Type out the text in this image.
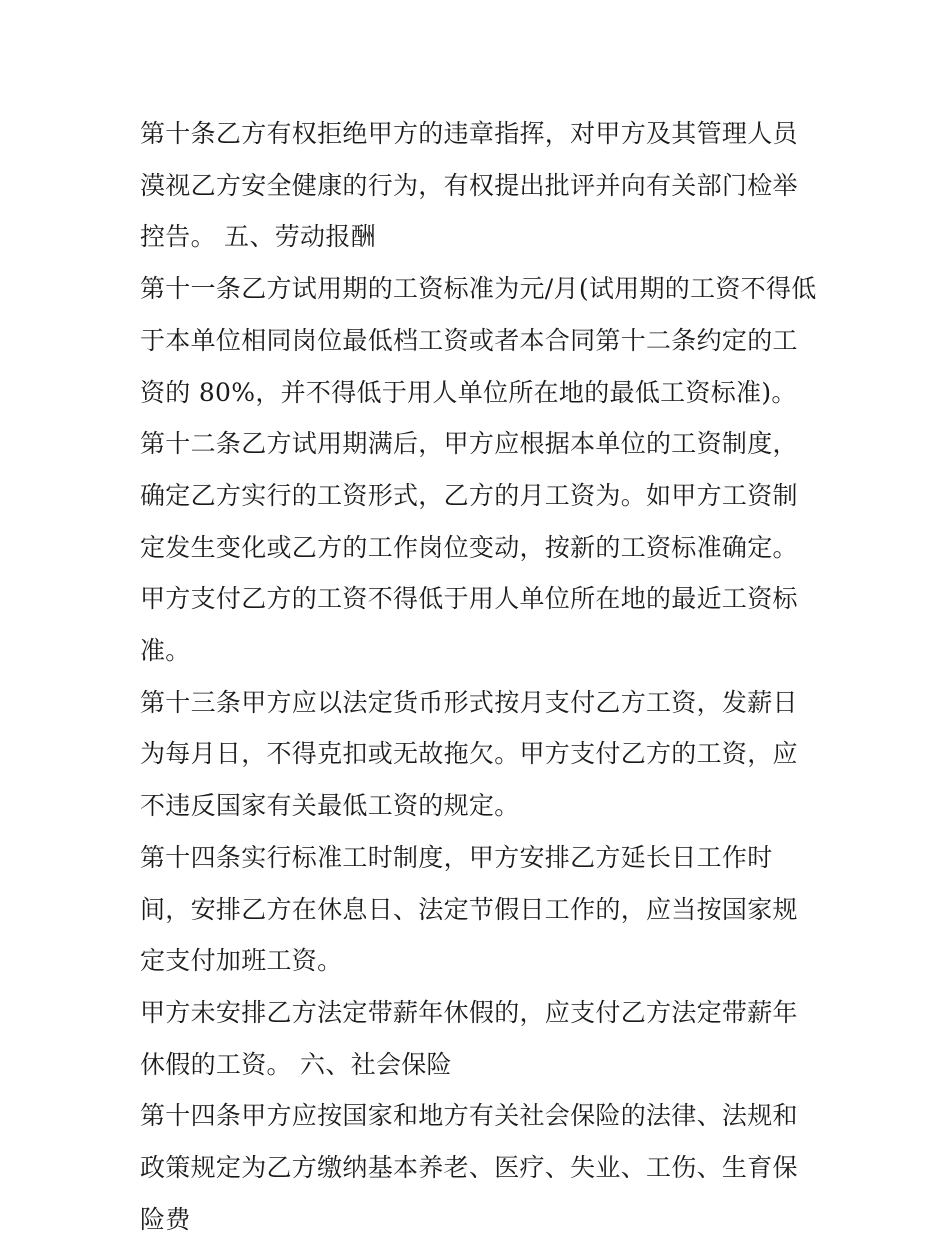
第十条乙方有权拒绝甲方的违章指挥，对甲方及其管理人员漠视乙方安全健康的行为，有权提出批评并向有关部门检举控告。 五、劳动报酬

第十一条乙方试用期的工资标准为元/月(试用期的工资不得低于本单位相同岗位最低档工资或者本合同第十二条约定的工资的 80%，并不得低于用人单位所在地的最低工资标准)。

第十二条乙方试用期满后，甲方应根据本单位的工资制度，确定乙方实行的工资形式，乙方的月工资为。如甲方工资制定发生变化或乙方的工作岗位变动，按新的工资标准确定。甲方支付乙方的工资不得低于用人单位所在地的最近工资标准。

第十三条甲方应以法定货币形式按月支付乙方工资，发薪日为每月日，不得克扣或无故拖欠。甲方支付乙方的工资，应不违反国家有关最低工资的规定。

第十四条实行标准工时制度，甲方安排乙方延长日工作时间，安排乙方在休息日、法定节假日工作的，应当按国家规定支付加班工资。

甲方未安排乙方法定带薪年休假的，应支付乙方法定带薪年休假的工资。 六、社会保险

第十四条甲方应按国家和地方有关社会保险的法律、法规和政策规定为乙方缴纳基本养老、医疗、失业、工伤、生育保险费
